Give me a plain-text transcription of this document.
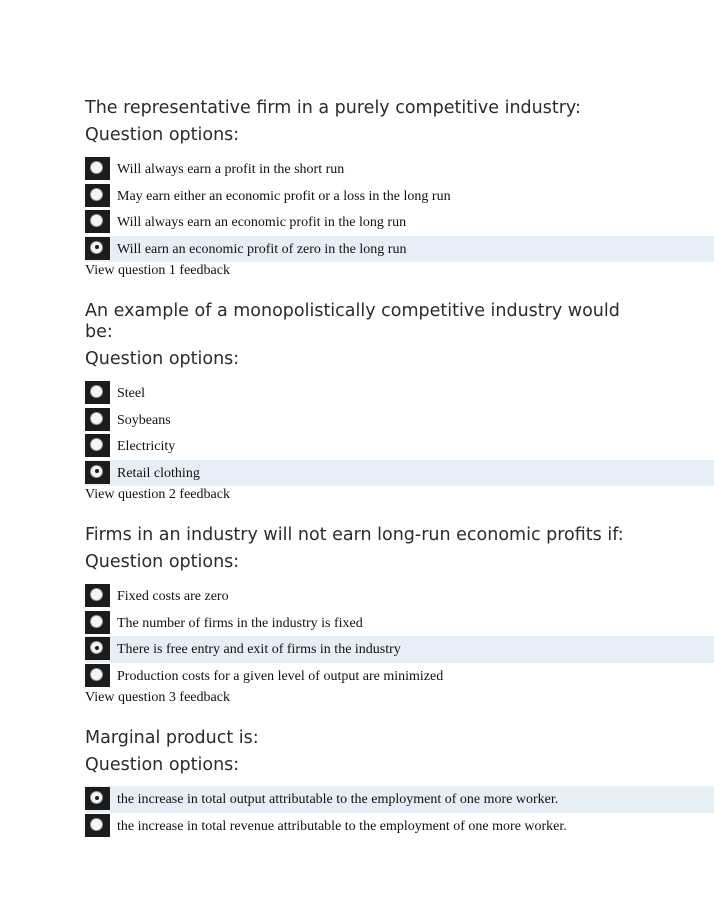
The representative firm in a purely competitive industry:
Question options:
Will always earn a profit in the short run
May earn either an economic profit or a loss in the long run
Will always earn an economic profit in the long run
Will earn an economic profit of zero in the long run
View question 1 feedback
An example of a monopolistically competitive industry would be:
Question options:
Steel
Soybeans
Electricity
Retail clothing
View question 2 feedback
Firms in an industry will not earn long-run economic profits if:
Question options:
Fixed costs are zero
The number of firms in the industry is fixed
There is free entry and exit of firms in the industry
Production costs for a given level of output are minimized
View question 3 feedback
Marginal product is:
Question options:
the increase in total output attributable to the employment of one more worker.
the increase in total revenue attributable to the employment of one more worker.
